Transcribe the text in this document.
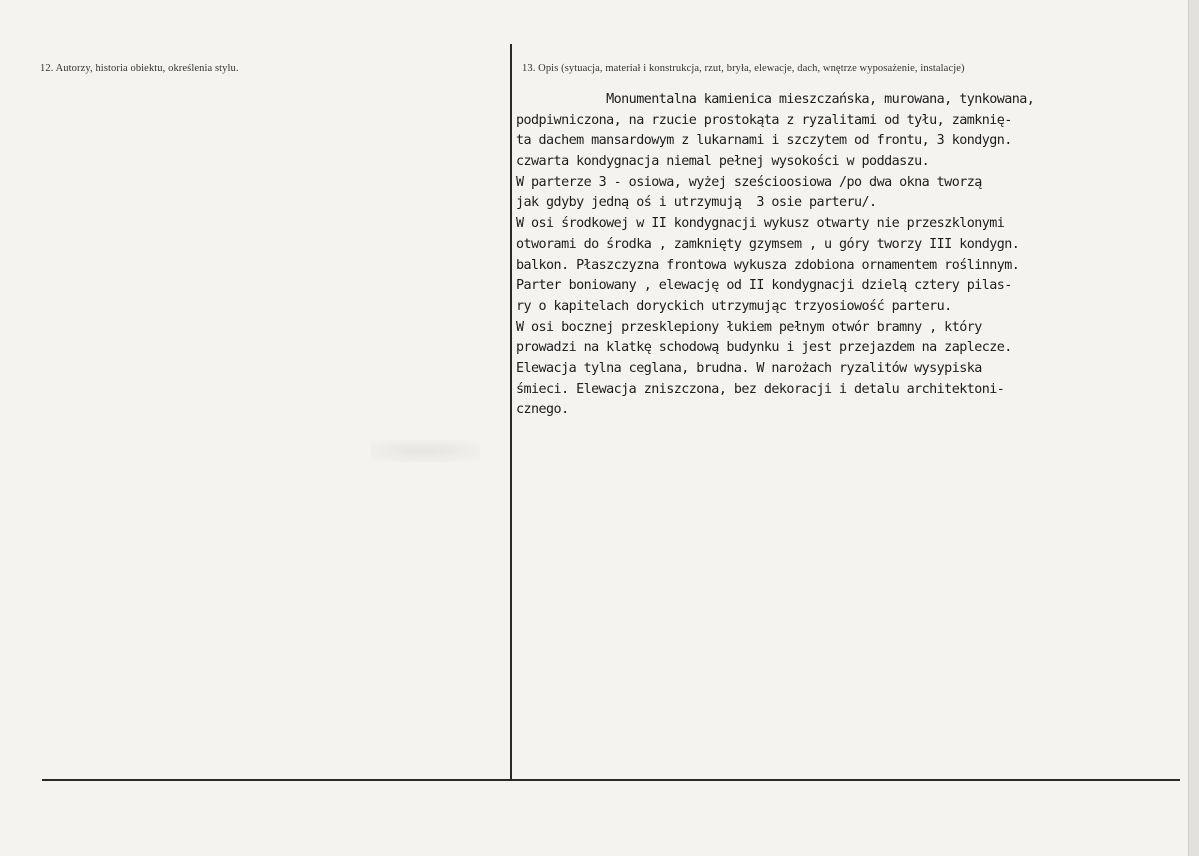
12. Autorzy, historia obiektu, określenia stylu.	13. Opis (sytuacja, materiał i konstrukcja, rzut, bryła, elewacje, dach, wnętrze wyposażenie, instalacje)
Monumentalna kamienica mieszczańska, murowana, tynkowana,
podpiwniczona, na rzucie prostokąta z ryzalitami od tyłu, zamknię-
ta dachem mansardowym z lukarnami i szczytem od frontu, 3 kondygn.
czwarta kondygnacja niemal pełnej wysokości w poddaszu.
W parterze 3 - osiowa, wyżej sześcioosiowa /po dwa okna tworzą
jak gdyby jedną oś i utrzymują  3 osie parteru/.
W osi środkowej w II kondygnacji wykusz otwarty nie przeszklonymi
otworami do środka , zamknięty gzymsem , u góry tworzy III kondygn.
balkon. Płaszczyzna frontowa wykusza zdobiona ornamentem roślinnym.
Parter boniowany , elewację od II kondygnacji dzielą cztery pilas-
ry o kapitelach doryckich utrzymując trzyosiowość parteru.
W osi bocznej przesklepiony łukiem pełnym otwór bramny , który
prowadzi na klatkę schodową budynku i jest przejazdem na zaplecze.
Elewacja tylna ceglana, brudna. W narożach ryzalitów wysypiska
śmieci. Elewacja zniszczona, bez dekoracji i detalu architektoni-
cznego.
